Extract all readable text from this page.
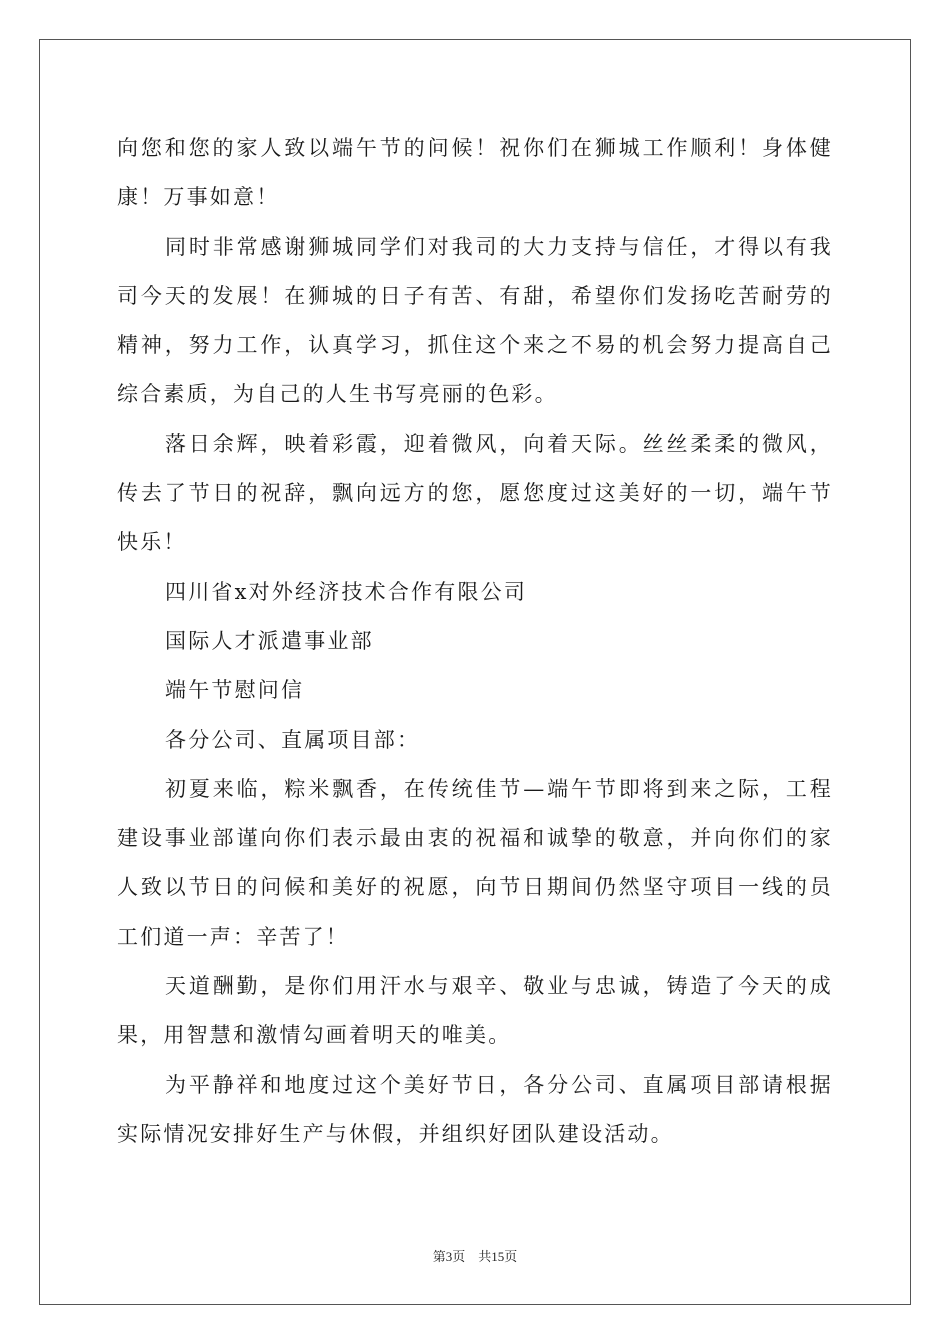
向您和您的家人致以端午节的问候！祝你们在狮城工作顺利！身体健康！万事如意！

同时非常感谢狮城同学们对我司的大力支持与信任，才得以有我司今天的发展！在狮城的日子有苦、有甜，希望你们发扬吃苦耐劳的精神，努力工作，认真学习，抓住这个来之不易的机会努力提高自己综合素质，为自己的人生书写亮丽的色彩。

落日余辉，映着彩霞，迎着微风，向着天际。丝丝柔柔的微风，传去了节日的祝辞，飘向远方的您，愿您度过这美好的一切，端午节快乐！

四川省x对外经济技术合作有限公司

国际人才派遣事业部

端午节慰问信

各分公司、直属项目部：

初夏来临，粽米飘香，在传统佳节—端午节即将到来之际，工程建设事业部谨向你们表示最由衷的祝福和诚挚的敬意，并向你们的家人致以节日的问候和美好的祝愿，向节日期间仍然坚守项目一线的员工们道一声：辛苦了！

天道酬勤，是你们用汗水与艰辛、敬业与忠诚，铸造了今天的成果，用智慧和激情勾画着明天的唯美。

为平静祥和地度过这个美好节日，各分公司、直属项目部请根据实际情况安排好生产与休假，并组织好团队建设活动。

第3页 共15页
